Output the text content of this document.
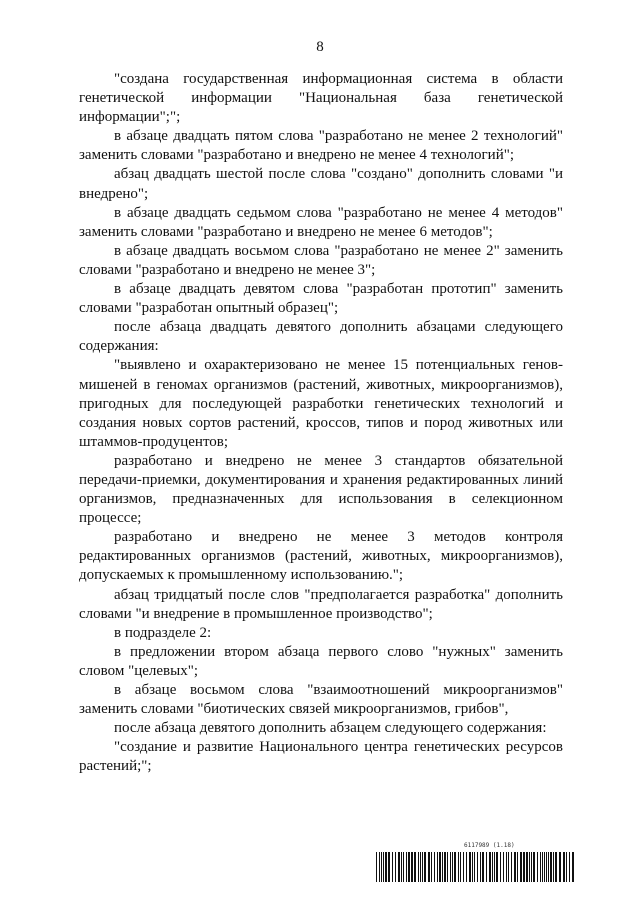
8

"создана государственная информационная система в области генетической информации "Национальная база генетической информации";";

в абзаце двадцать пятом слова "разработано не менее 2 технологий" заменить словами "разработано и внедрено не менее 4 технологий";

абзац двадцать шестой после слова "создано" дополнить словами "и внедрено";

в абзаце двадцать седьмом слова "разработано не менее 4 методов" заменить словами "разработано и внедрено не менее 6 методов";

в абзаце двадцать восьмом слова "разработано не менее 2" заменить словами "разработано и внедрено не менее 3";

в абзаце двадцать девятом слова "разработан прототип" заменить словами "разработан опытный образец";

после абзаца двадцать девятого дополнить абзацами следующего содержания:

"выявлено и охарактеризовано не менее 15 потенциальных генов-мишеней в геномах организмов (растений, животных, микроорганизмов), пригодных для последующей разработки генетических технологий и создания новых сортов растений, кроссов, типов и пород животных или штаммов-продуцентов;

разработано и внедрено не менее 3 стандартов обязательной передачи-приемки, документирования и хранения редактированных линий организмов, предназначенных для использования в селекционном процессе;

разработано и внедрено не менее 3 методов контроля редактированных организмов (растений, животных, микроорганизмов), допускаемых к промышленному использованию.";

абзац тридцатый после слов "предполагается разработка" дополнить словами "и внедрение в промышленное производство";

в подразделе 2:

в предложении втором абзаца первого слово "нужных" заменить словом "целевых";

в абзаце восьмом слова "взаимоотношений микроорганизмов" заменить словами "биотических связей микроорганизмов, грибов",

после абзаца девятого дополнить абзацем следующего содержания:

"создание и развитие Национального центра генетических ресурсов растений;";

6117989 (1.18)
